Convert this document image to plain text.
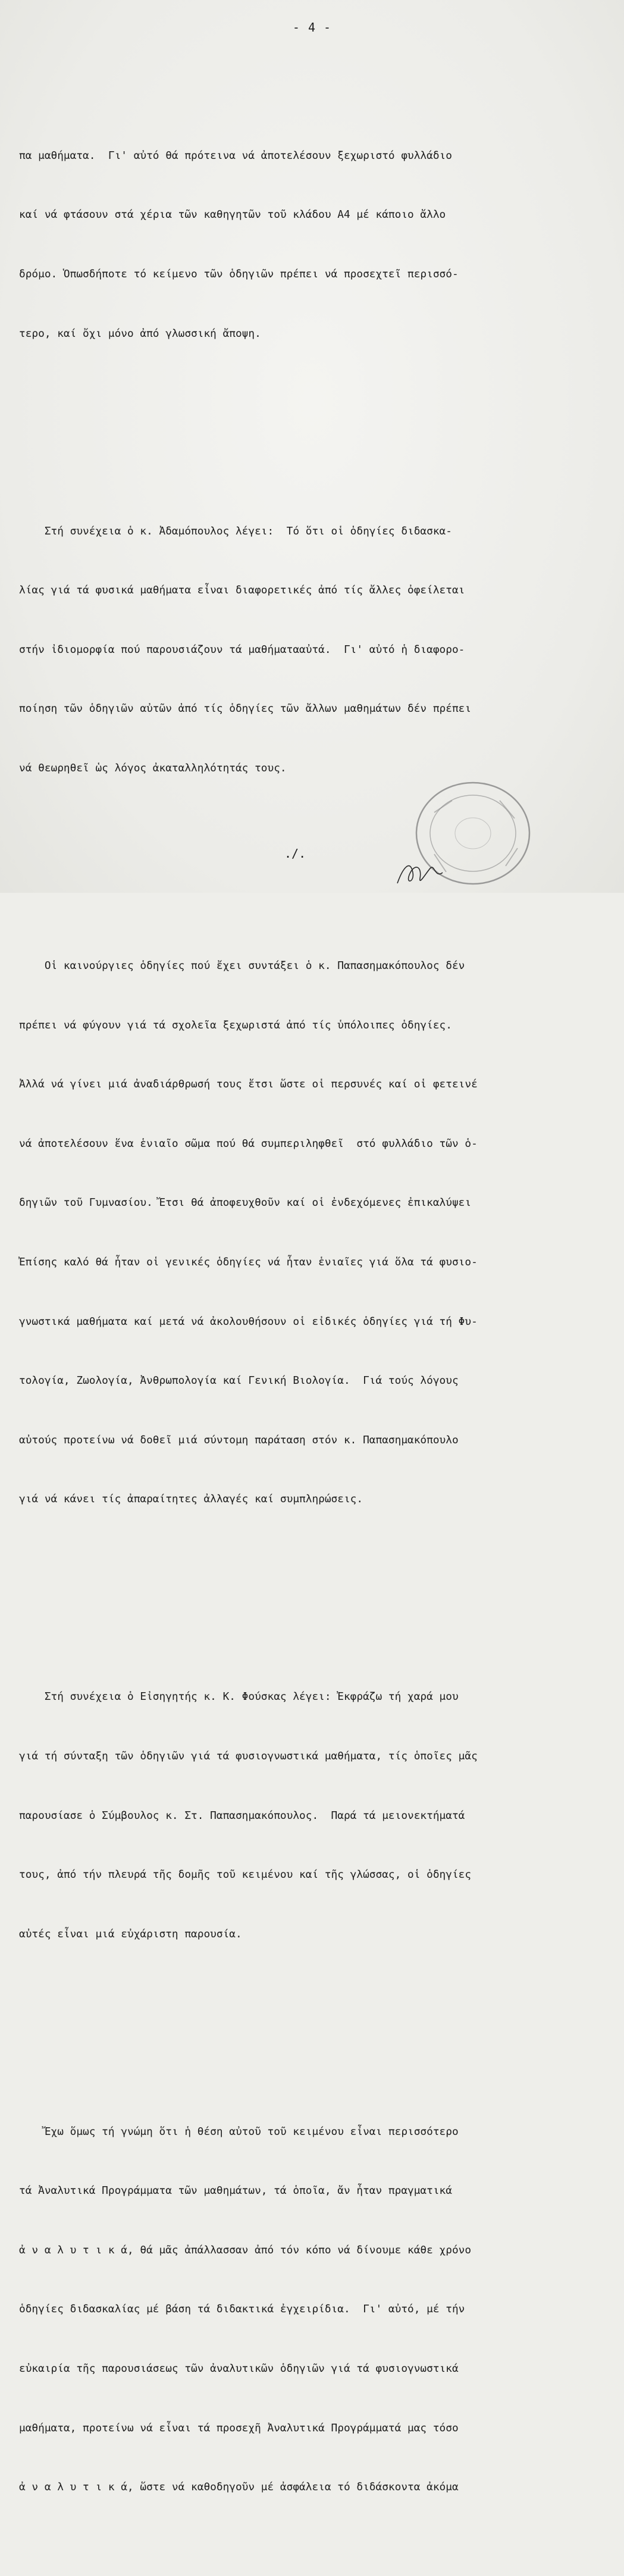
- 4 -

πα μαθήματα.  Γι' αὐτό θά πρότεινα νά ἀποτελέσουν ξεχωριστό φυλλάδιο

καί νά φτάσουν στά χέρια τῶν καθηγητῶν τοῦ κλάδου Α4 μέ κάποιο ἄλλο

δρόμο. Ὁπωσδήποτε τό κείμενο τῶν ὁδηγιῶν πρέπει νά προσεχτεῖ περισσό-

τερο, καί ὄχι μόνο ἀπό γλωσσική ἄποψη.

Στή συνέχεια ὁ κ. Ἀδαμόπουλος λέγει:  Τό ὅτι οἱ ὁδηγίες διδασκα-

λίας γιά τά φυσικά μαθήματα εἶναι διαφορετικές ἀπό τίς ἄλλες ὀφείλεται

στήν ἰδιομορφία πού παρουσιάζουν τά μαθήματααὐτά.  Γι' αὐτό ἡ διαφορο-

ποίηση τῶν ὁδηγιῶν αὐτῶν ἀπό τίς ὁδηγίες τῶν ἄλλων μαθημάτων δέν πρέπει

νά θεωρηθεῖ ὡς λόγος ἀκαταλληλότητάς τους.

Οἱ καινούργιες ὁδηγίες πού ἔχει συντάξει ὁ κ. Παπασημακόπουλος δέν

πρέπει νά φύγουν γιά τά σχολεῖα ξεχωριστά ἀπό τίς ὑπόλοιπες ὁδηγίες.

Ἀλλά νά γίνει μιά ἀναδιάρθρωσή τους ἔτσι ὥστε οἱ περσυνές καί οἱ φετεινέ

νά ἀποτελέσουν ἕνα ἑνιαῖο σῶμα πού θά συμπεριληφθεῖ  στό φυλλάδιο τῶν ὁ-

δηγιῶν τοῦ Γυμνασίου. Ἔτσι θά ἀποφευχθοῦν καί οἱ ἐνδεχόμενες ἐπικαλύψει

Ἐπίσης καλό θά ἦταν οἱ γενικές ὁδηγίες νά ἦταν ἑνιαῖες γιά ὅλα τά φυσιο-

γνωστικά μαθήματα καί μετά νά ἀκολουθήσουν οἱ εἰδικές ὁδηγίες γιά τή Φυ-

τολογία, Ζωολογία, Ἀνθρωπολογία καί Γενική Βιολογία.  Γιά τούς λόγους

αὐτούς προτείνω νά δοθεῖ μιά σύντομη παράταση στόν κ. Παπασημακόπουλο

γιά νά κάνει τίς ἀπαραίτητες ἀλλαγές καί συμπληρώσεις.

Στή συνέχεια ὁ Εἰσηγητής κ. Κ. Φούσκας λέγει: Ἐκφράζω τή χαρά μου

γιά τή σύνταξη τῶν ὁδηγιῶν γιά τά φυσιογνωστικά μαθήματα, τίς ὁποῖες μᾶς

παρουσίασε ὁ Σύμβουλος κ. Στ. Παπασημακόπουλος.  Παρά τά μειονεκτήματά

τους, ἀπό τήν πλευρά τῆς δομῆς τοῦ κειμένου καί τῆς γλώσσας, οἱ ὁδηγίες

αὐτές εἶναι μιά εὐχάριστη παρουσία.

Ἔχω ὅμως τή γνώμη ὅτι ἡ θέση αὐτοῦ τοῦ κειμένου εἶναι περισσότερο

τά Ἀναλυτικά Προγράμματα τῶν μαθημάτων, τά ὁποῖα, ἄν ἦταν πραγματικά

ἀ ν α λ υ τ ι κ ά, θά μᾶς ἀπάλλασσαν ἀπό τόν κόπο νά δίνουμε κάθε χρόνο

ὁδηγίες διδασκαλίας μέ βάση τά διδακτικά ἐγχειρίδια.  Γι' αὐτό, μέ τήν

εὐκαιρία τῆς παρουσιάσεως τῶν ἀναλυτικῶν ὁδηγιῶν γιά τά φυσιογνωστικά

μαθήματα, προτείνω νά εἶναι τά προσεχῆ Ἀναλυτικά Προγράμματά μας τόσο

ἀ ν α λ υ τ ι κ ά, ὥστε νά καθοδηγοῦν μέ ἀσφάλεια τό διδάσκοντα ἀκόμα

./.
